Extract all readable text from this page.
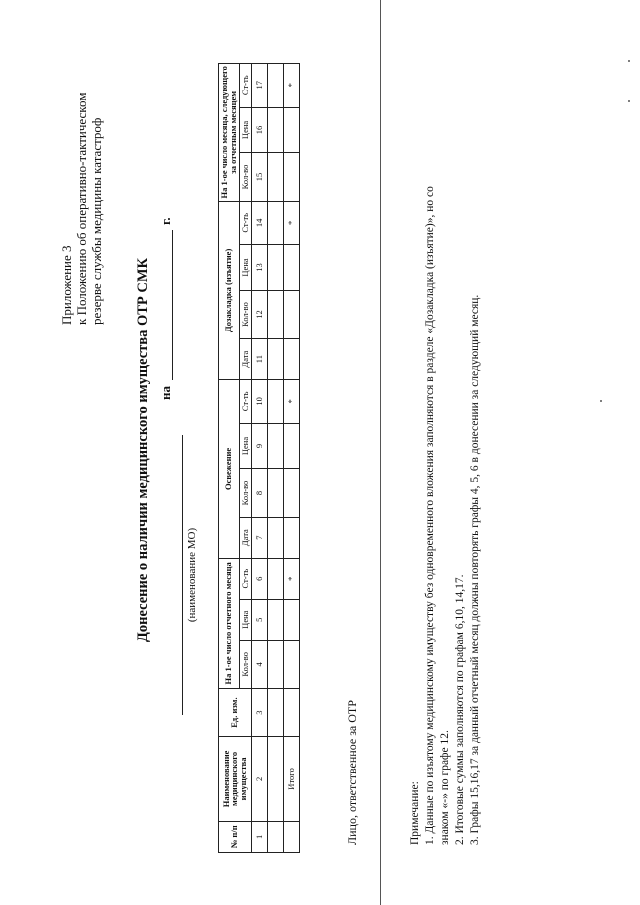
Приложение 3 к Положению об оперативно-тактическом резерве службы медицины катастроф
Донесение о наличии медицинского имущества ОТР СМК	(наименование МО)
на
г.
№ п/п	Наименование медицинского имущества	Ед. изм.	На 1-ое число отчетного месяца			Освежение				Дозакладка (изъятие)				На 1-ое число месяца, следующего за отчетным месяцем		
			Кол-во	Цена	Ст-ть	Дата	Кол-во	Цена	Ст-ть	Дата	Кол-во	Цена	Ст-ть	Кол-во	Цена	Ст-ть
1	2	3	4	5	6	7	8	9	10	11	12	13	14	15	16	17

	Итого				*				*				*			*
Лицо, ответственное за ОТР	Примечание: 1. Данные по изъятому медицинскому имуществу без одновременного вложения заполняются в разделе «Дозакладка (изъятие)», но со знаком «-» по графе 12. 2. Итоговые суммы заполняются по графам 6,10, 14,17. 3. Графы 15,16,17 за данный отчетный месяц должны повторять графы 4, 5, 6 в донесении за следующий месяц.
